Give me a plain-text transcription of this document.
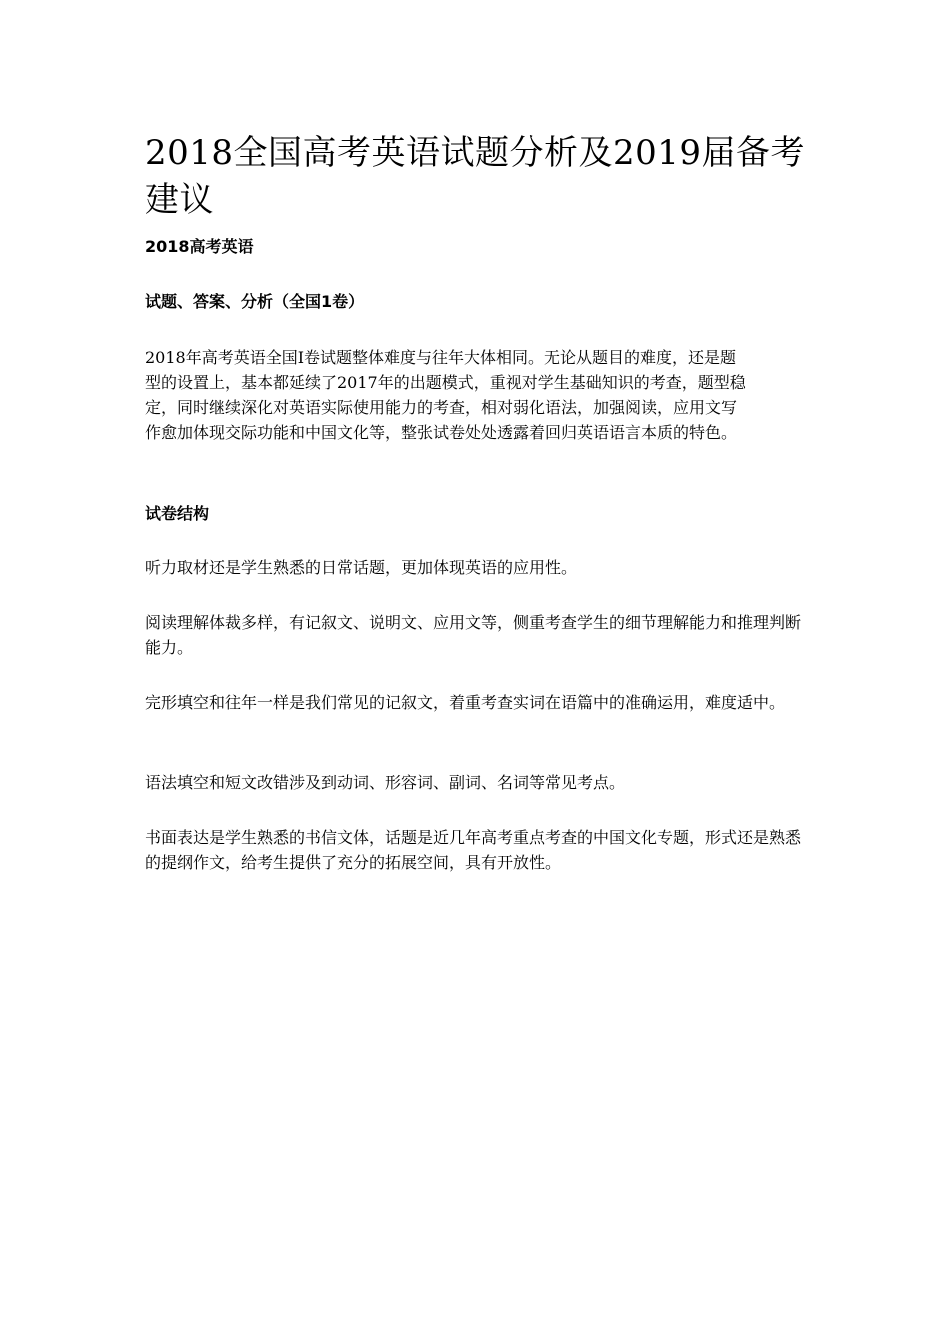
2018全国高考英语试题分析及2019届备考建议
2018高考英语
试题、答案、分析（全国1卷）

2018年高考英语全国I卷试题整体难度与往年大体相同。无论从题目的难度，还是题型的设置上，基本都延续了2017年的出题模式，重视对学生基础知识的考查，题型稳定，同时继续深化对英语实际使用能力的考查，相对弱化语法，加强阅读，应用文写作愈加体现交际功能和中国文化等，整张试卷处处透露着回归英语语言本质的特色。

试卷结构

听力取材还是学生熟悉的日常话题，更加体现英语的应用性。

阅读理解体裁多样，有记叙文、说明文、应用文等，侧重考查学生的细节理解能力和推理判断能力。

完形填空和往年一样是我们常见的记叙文，着重考查实词在语篇中的准确运用，难度适中。

语法填空和短文改错涉及到动词、形容词、副词、名词等常见考点。

书面表达是学生熟悉的书信文体，话题是近几年高考重点考查的中国文化专题，形式还是熟悉的提纲作文，给考生提供了充分的拓展空间，具有开放性。
